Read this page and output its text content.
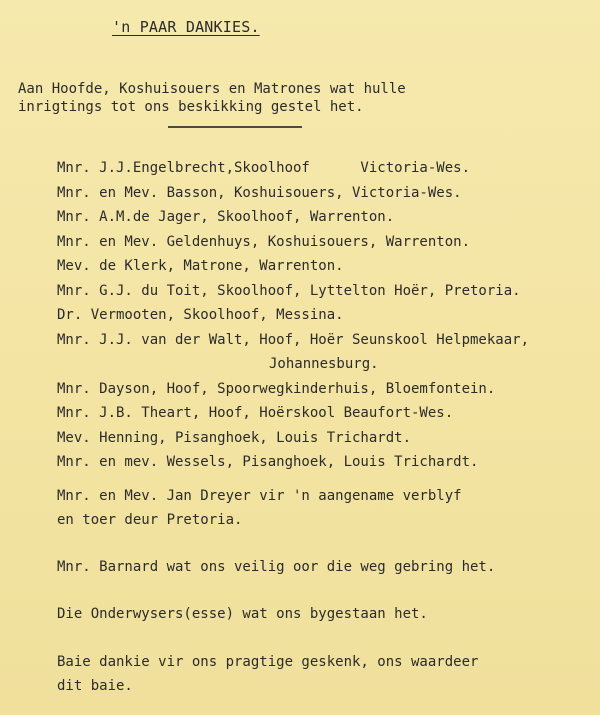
'n PAAR DANKIES.
Aan Hoofde, Koshuisouers en Matrones wat hulle
inrigtings tot ons beskikking gestel het.
Mnr. J.J.Engelbrecht,Skoolhoof      Victoria-Wes.
Mnr. en Mev. Basson, Koshuisouers, Victoria-Wes.
Mnr. A.M.de Jager, Skoolhoof, Warrenton.
Mnr. en Mev. Geldenhuys, Koshuisouers, Warrenton.
Mev. de Klerk, Matrone, Warrenton.
Mnr. G.J. du Toit, Skoolhoof, Lyttelton Hoër, Pretoria.
Dr. Vermooten, Skoolhoof, Messina.
Mnr. J.J. van der Walt, Hoof, Hoër Seunskool Helpmekaar,
Johannesburg.
Mnr. Dayson, Hoof, Spoorwegkinderhuis, Bloemfontein.
Mnr. J.B. Theart, Hoof, Hoërskool Beaufort-Wes.
Mev. Henning, Pisanghoek, Louis Trichardt.
Mnr. en mev. Wessels, Pisanghoek, Louis Trichardt.
Mnr. en Mev. Jan Dreyer vir 'n aangename verblyf
en toer deur Pretoria.
Mnr. Barnard wat ons veilig oor die weg gebring het.
Die Onderwysers(esse) wat ons bygestaan het.
Baie dankie vir ons pragtige geskenk, ons waardeer
dit baie.
